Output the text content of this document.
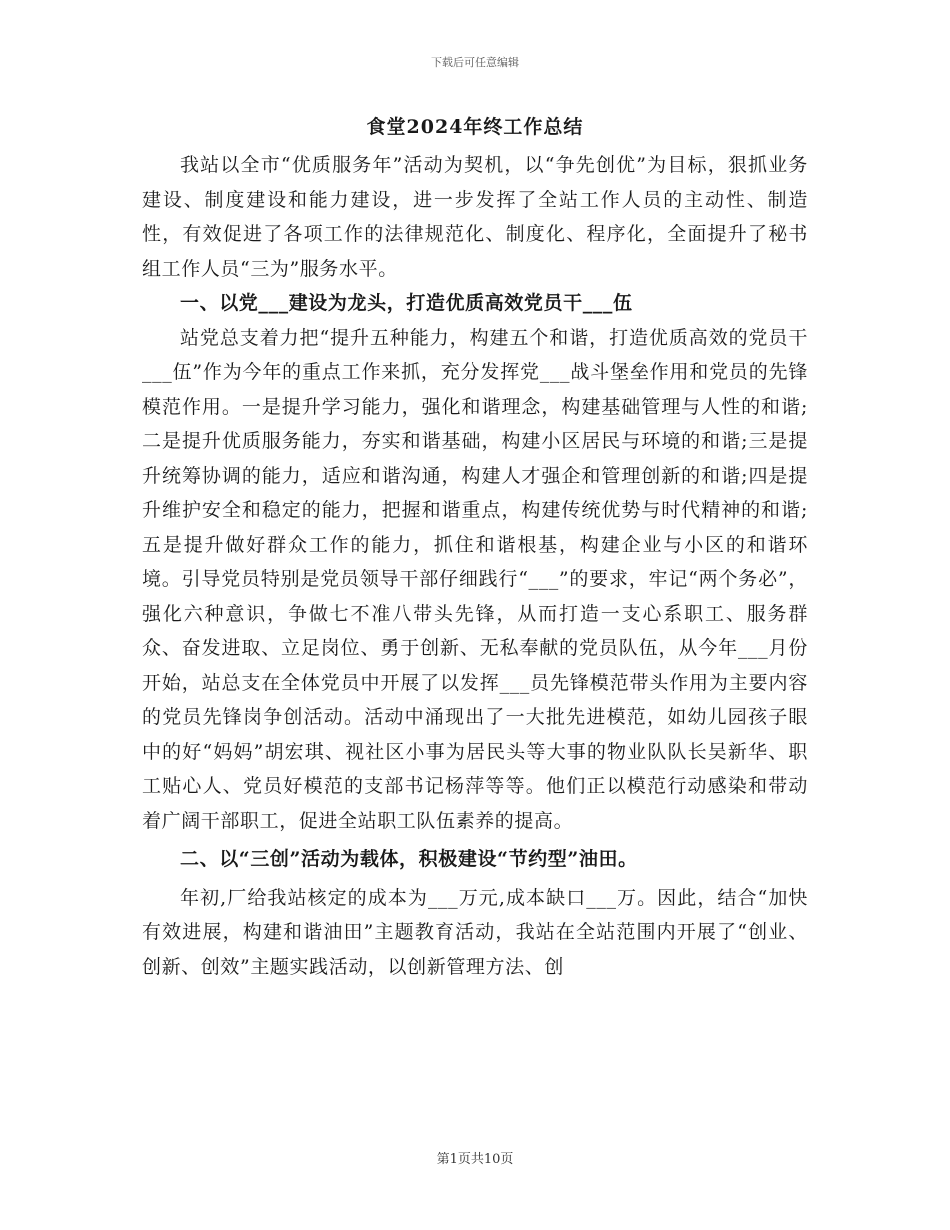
下载后可任意编辑

食堂2024年终工作总结

我站以全市“优质服务年”活动为契机，以“争先创优”为目标，狠抓业务建设、制度建设和能力建设，进一步发挥了全站工作人员的主动性、制造性，有效促进了各项工作的法律规范化、制度化、程序化，全面提升了秘书组工作人员“三为”服务水平。

一、以党___建设为龙头，打造优质高效党员干___伍

站党总支着力把“提升五种能力，构建五个和谐，打造优质高效的党员干___伍”作为今年的重点工作来抓，充分发挥党___战斗堡垒作用和党员的先锋模范作用。一是提升学习能力，强化和谐理念，构建基础管理与人性的和谐;二是提升优质服务能力，夯实和谐基础，构建小区居民与环境的和谐;三是提升统筹协调的能力，适应和谐沟通，构建人才强企和管理创新的和谐;四是提升维护安全和稳定的能力，把握和谐重点，构建传统优势与时代精神的和谐;五是提升做好群众工作的能力，抓住和谐根基，构建企业与小区的和谐环境。引导党员特别是党员领导干部仔细践行“___”的要求，牢记“两个务必”，强化六种意识，争做七不准八带头先锋，从而打造一支心系职工、服务群众、奋发进取、立足岗位、勇于创新、无私奉献的党员队伍，从今年___月份开始，站总支在全体党员中开展了以发挥___员先锋模范带头作用为主要内容的党员先锋岗争创活动。活动中涌现出了一大批先进模范，如幼儿园孩子眼中的好“妈妈”胡宏琪、视社区小事为居民头等大事的物业队队长吴新华、职工贴心人、党员好模范的支部书记杨萍等等。他们正以模范行动感染和带动着广阔干部职工，促进全站职工队伍素养的提高。

二、以“三创”活动为载体，积极建设“节约型”油田。

年初,厂给我站核定的成本为___万元,成本缺口___万。因此，结合“加快有效进展，构建和谐油田”主题教育活动，我站在全站范围内开展了“创业、创新、创效”主题实践活动，以创新管理方法、创

第1页共10页
